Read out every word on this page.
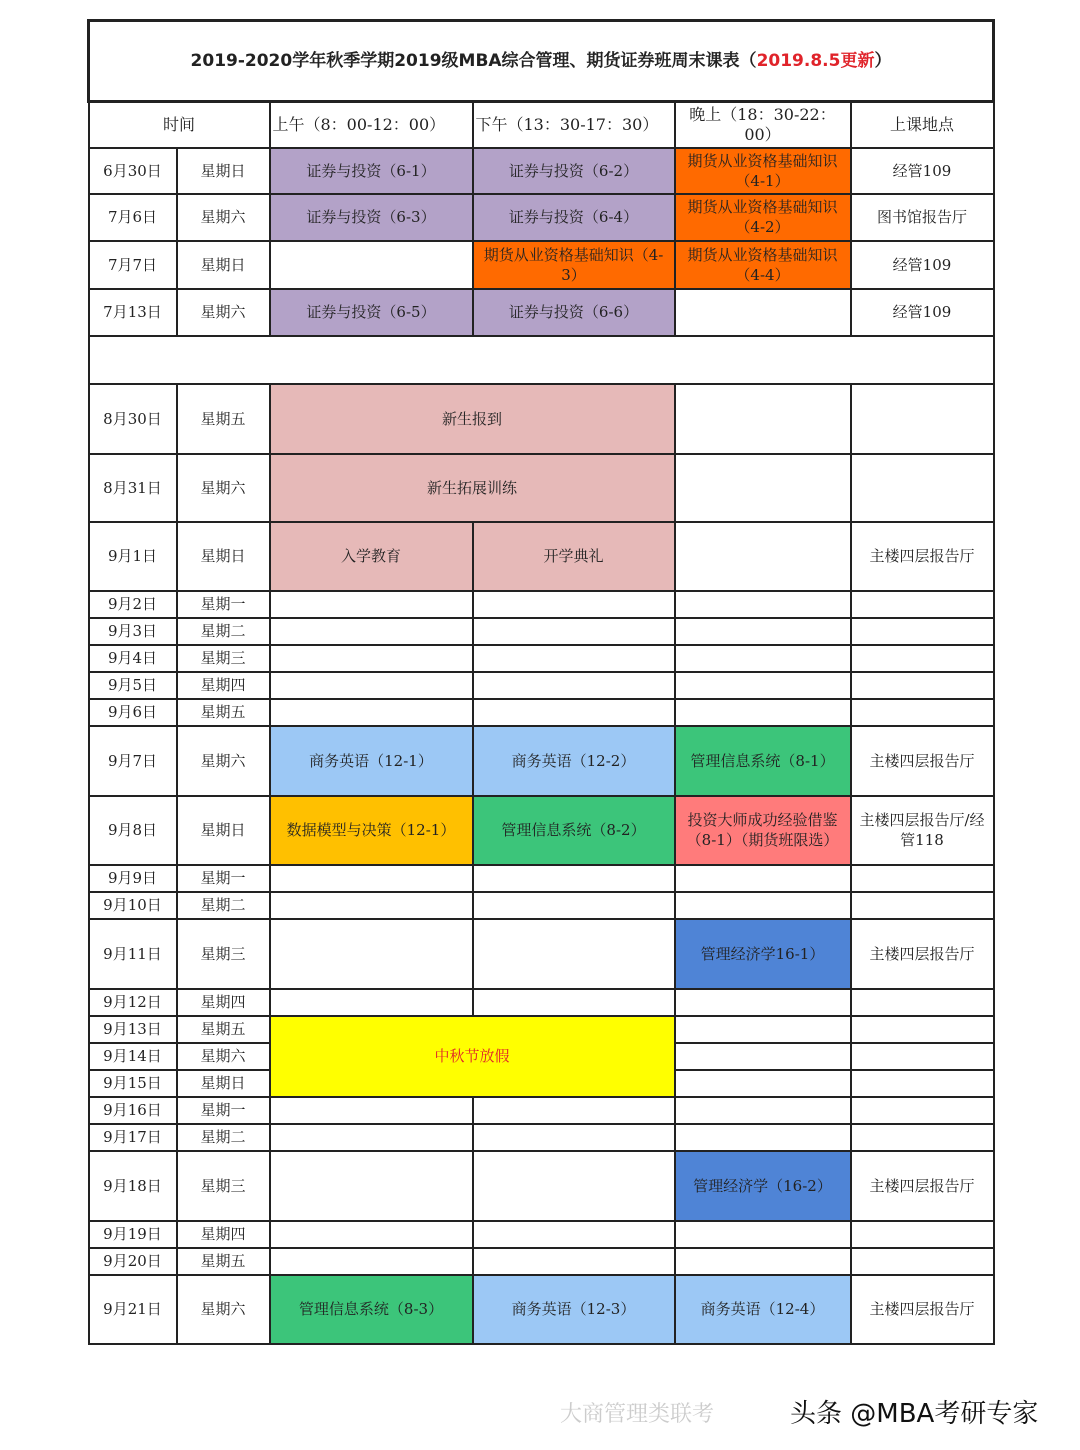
2019-2020学年秋季学期2019级MBA综合管理、期货证券班周末课表（2019.8.5更新）					
时间		上午（8：00-12：00）	下午（13：30-17：30）	晚上（18：30-22：00）	上课地点
6月30日	星期日	证券与投资（6-1）	证券与投资（6-2）	期货从业资格基础知识（4-1）	经管109
7月6日	星期六	证券与投资（6-3）	证券与投资（6-4）	期货从业资格基础知识（4-2）	图书馆报告厅
7月7日	星期日		期货从业资格基础知识（4-3）	期货从业资格基础知识（4-4）	经管109
7月13日	星期六	证券与投资（6-5）	证券与投资（6-6）		经管109

8月30日	星期五	新生报到			
8月31日	星期六	新生拓展训练			
9月1日	星期日	入学教育	开学典礼		主楼四层报告厅
9月2日	星期一				
9月3日	星期二				
9月4日	星期三				
9月5日	星期四				
9月6日	星期五				
9月7日	星期六	商务英语（12-1）	商务英语（12-2）	管理信息系统（8-1）	主楼四层报告厅
9月8日	星期日	数据模型与决策（12-1）	管理信息系统（8-2）	投资大师成功经验借鉴（8-1）（期货班限选）	主楼四层报告厅/经管118
9月9日	星期一				
9月10日	星期二				
9月11日	星期三			管理经济学16-1）	主楼四层报告厅
9月12日	星期四				
9月13日	星期五	中秋节放假			
9月14日	星期六				
9月15日	星期日				
9月16日	星期一				
9月17日	星期二				
9月18日	星期三			管理经济学（16-2）	主楼四层报告厅
9月19日	星期四				
9月20日	星期五				
9月21日	星期六	管理信息系统（8-3）	商务英语（12-3）	商务英语（12-4）	主楼四层报告厅
大商管理类联考	头条 @MBA考研专家
